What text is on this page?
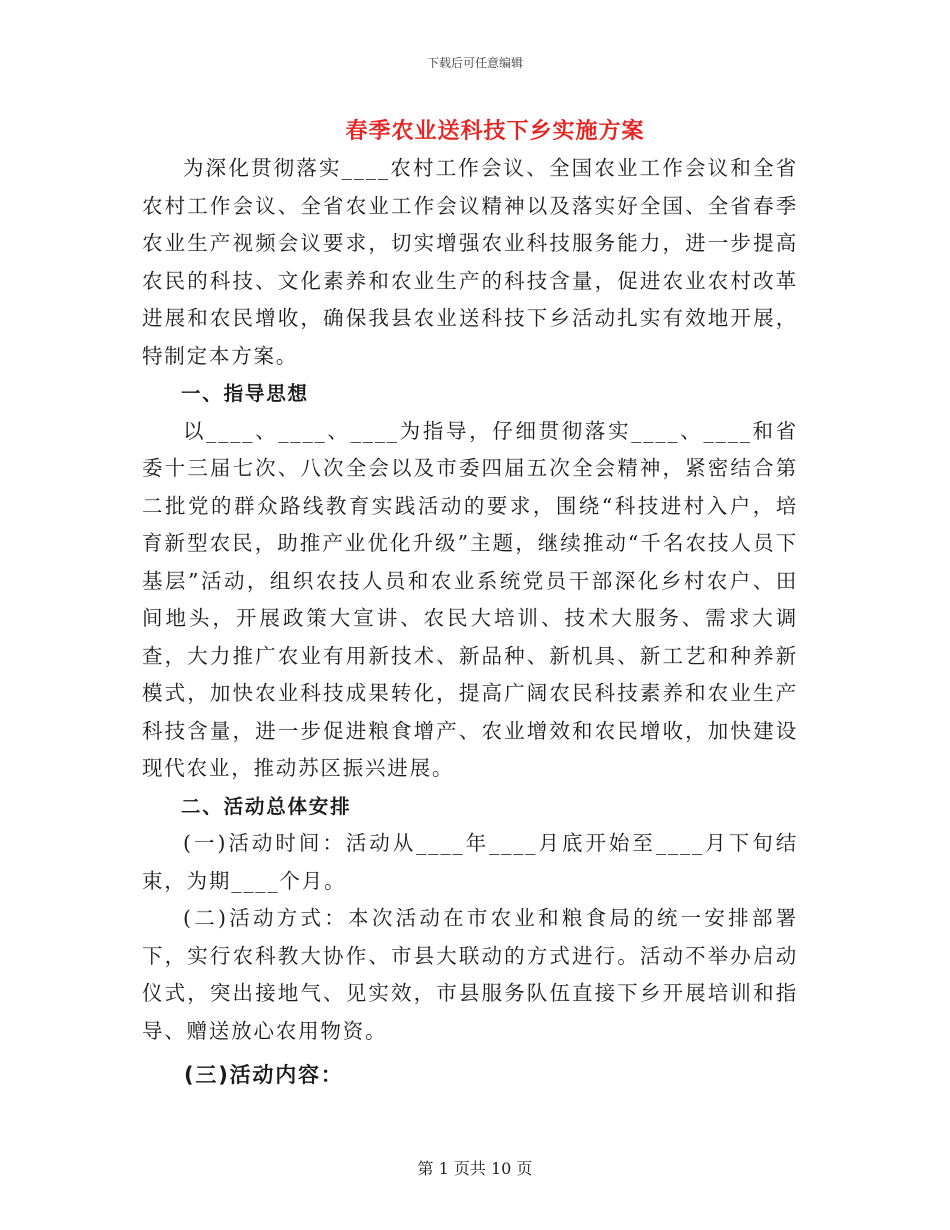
下载后可任意编辑
春季农业送科技下乡实施方案

为深化贯彻落实____农村工作会议、全国农业工作会议和全省农村工作会议、全省农业工作会议精神以及落实好全国、全省春季农业生产视频会议要求，切实增强农业科技服务能力，进一步提高农民的科技、文化素养和农业生产的科技含量，促进农业农村改革进展和农民增收，确保我县农业送科技下乡活动扎实有效地开展，特制定本方案。

一、指导思想

以____、____、____为指导，仔细贯彻落实____、____和省委十三届七次、八次全会以及市委四届五次全会精神，紧密结合第二批党的群众路线教育实践活动的要求，围绕“科技进村入户，培育新型农民，助推产业优化升级”主题，继续推动“千名农技人员下基层”活动，组织农技人员和农业系统党员干部深化乡村农户、田间地头，开展政策大宣讲、农民大培训、技术大服务、需求大调查，大力推广农业有用新技术、新品种、新机具、新工艺和种养新模式，加快农业科技成果转化，提高广阔农民科技素养和农业生产科技含量，进一步促进粮食增产、农业增效和农民增收，加快建设现代农业，推动苏区振兴进展。

二、活动总体安排

(一)活动时间：活动从____年____月底开始至____月下旬结束，为期____个月。

(二)活动方式：本次活动在市农业和粮食局的统一安排部署下，实行农科教大协作、市县大联动的方式进行。活动不举办启动仪式，突出接地气、见实效，市县服务队伍直接下乡开展培训和指导、赠送放心农用物资。

(三)活动内容：

第 1 页共 10 页
